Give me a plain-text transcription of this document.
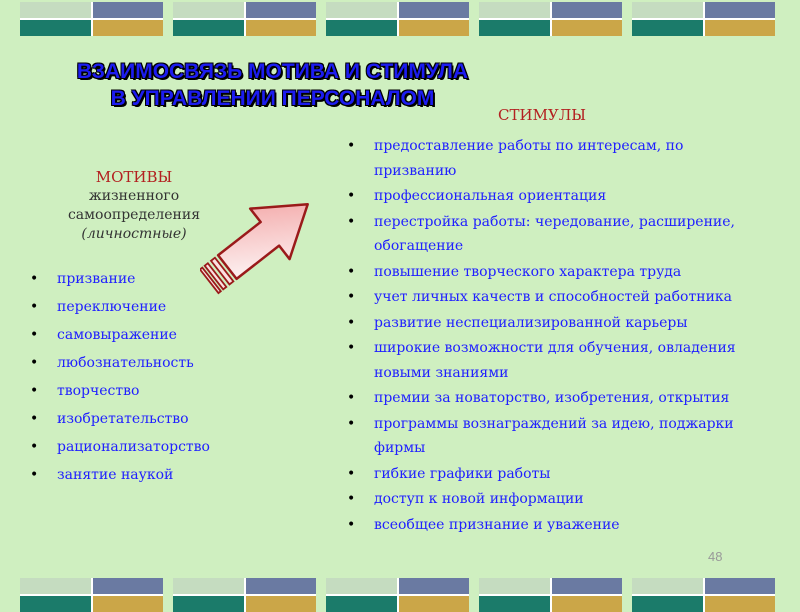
ВЗАИМОСВЯЗЬ МОТИВА И СТИМУЛА
В УПРАВЛЕНИИ ПЕРСОНАЛОМ
МОТИВЫ
жизненного
самоопределения
(личностные)
• призвание
• переключение
• самовыражение
• любознательность
• творчество
• изобретательство
• рационализаторство
• занятие наукой
СТИМУЛЫ
• предоставление работы по интересам, по призванию
• профессиональная ориентация
• перестройка работы: чередование, расширение, обогащение
• повышение творческого характера труда
• учет личных качеств и способностей работника
• развитие неспециализированной карьеры
• широкие возможности для обучения, овладения новыми знаниями
• премии за новаторство, изобретения, открытия
• программы вознаграждений за идею, поджарки фирмы
• гибкие графики работы
• доступ к новой информации
• всеобщее признание и уважение
48
